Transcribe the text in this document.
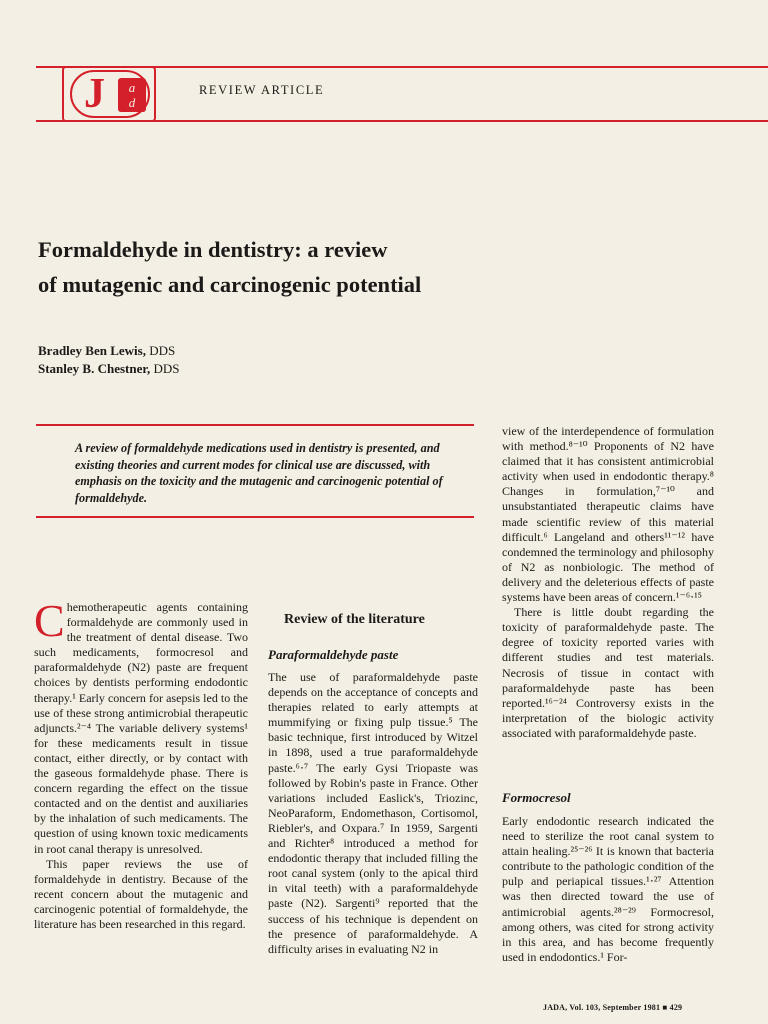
J	a
d
REVIEW ARTICLE
Formaldehyde in dentistry: a review
of mutagenic and carcinogenic potential
Bradley Ben Lewis, DDS
Stanley B. Chestner, DDS

A review of formaldehyde medications used in dentistry is presented, and existing theories and current modes for clinical use are discussed, with emphasis on the toxicity and the mutagenic and carcinogenic potential of formaldehyde.

Chemotherapeutic agents containing formaldehyde are commonly used in the treatment of dental disease. Two such medicaments, formocresol and paraformaldehyde (N2) paste are frequent choices by dentists performing endodontic therapy.¹ Early concern for asepsis led to the use of these strong antimicrobial therapeutic adjuncts.²⁻⁴ The variable delivery systems¹ for these medicaments result in tissue contact, either directly, or by contact with the gaseous formaldehyde phase. There is concern regarding the effect on the tissue contacted and on the dentist and auxiliaries by the inhalation of such medicaments. The question of using known toxic medicaments in root canal therapy is unresolved.

This paper reviews the use of formaldehyde in dentistry. Because of the recent concern about the mutagenic and carcinogenic potential of formaldehyde, the literature has been researched in this regard.

Review of the literature
Paraformaldehyde paste

The use of paraformaldehyde paste depends on the acceptance of concepts and therapies related to early attempts at mummifying or fixing pulp tissue.⁵ The basic technique, first introduced by Witzel in 1898, used a true paraformaldehyde paste.⁶⋅⁷ The early Gysi Triopaste was followed by Robin's paste in France. Other variations included Easlick's, Triozinc, NeoParaform, Endomethason, Cortisomol, Riebler's, and Oxpara.⁷ In 1959, Sargenti and Richter⁸ introduced a method for endodontic therapy that included filling the root canal system (only to the apical third in vital teeth) with a paraformaldehyde paste (N2). Sargenti⁹ reported that the success of his technique is dependent on the presence of paraformaldehyde. A difficulty arises in evaluating N2 in

view of the interdependence of formulation with method.⁸⁻¹⁰ Proponents of N2 have claimed that it has consistent antimicrobial activity when used in endodontic therapy.⁸ Changes in formulation,⁷⁻¹⁰ and unsubstantiated therapeutic claims have made scientific review of this material difficult.⁶ Langeland and others¹¹⁻¹² have condemned the terminology and philosophy of N2 as nonbiologic. The method of delivery and the deleterious effects of paste systems have been areas of concern.¹⁻⁶⋅¹⁵

There is little doubt regarding the toxicity of paraformaldehyde paste. The degree of toxicity reported varies with different studies and test materials. Necrosis of tissue in contact with paraformaldehyde paste has been reported.¹⁶⁻²⁴ Controversy exists in the interpretation of the biologic activity associated with paraformaldehyde paste.

Formocresol

Early endodontic research indicated the need to sterilize the root canal system to attain healing.²⁵⁻²⁶ It is known that bacteria contribute to the pathologic condition of the pulp and periapical tissues.¹⋅²⁷ Attention was then directed toward the use of antimicrobial agents.²⁸⁻²⁹ Formocresol, among others, was cited for strong activity in this area, and has become frequently used in endodontics.¹ For-

JADA, Vol. 103, September 1981 ■ 429
